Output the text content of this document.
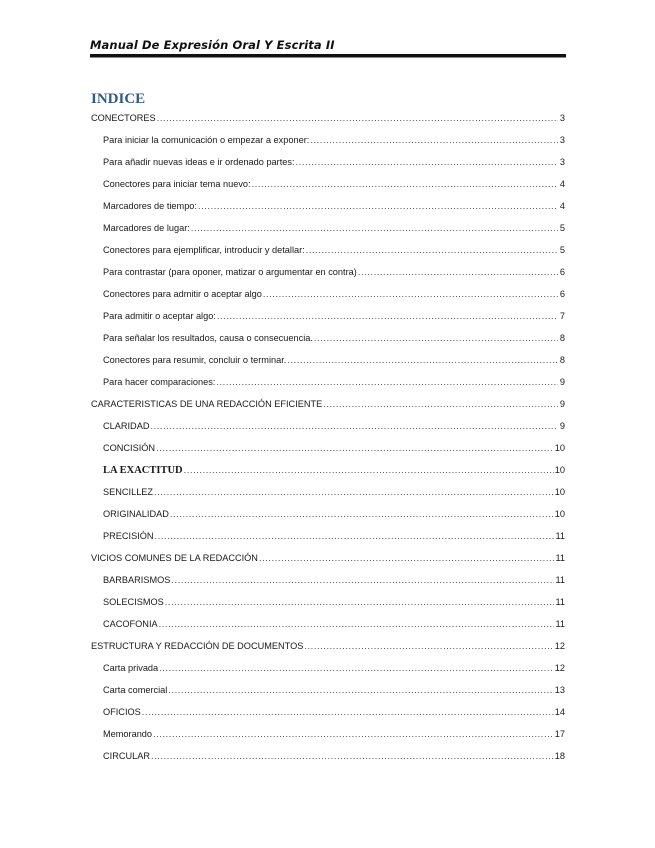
Manual De Expresión Oral Y Escrita II
INDICE
CONECTORES .....	3
Para iniciar la comunicación o empezar a exponer: .....	3
Para añadir nuevas ideas e ir ordenado partes: .....	3
Conectores para iniciar tema nuevo: .....	4
Marcadores de tiempo: .....	4
Marcadores de lugar: .....	5
Conectores para ejemplificar, introducir y detallar: .....	5
Para contrastar (para oponer, matizar o argumentar en contra) .....	6
Conectores para admitir o aceptar algo .....	6
Para admitir o aceptar algo: .....	7
Para señalar los resultados, causa o consecuencia. .....	8
Conectores para resumir, concluir o terminar. .....	8
Para hacer comparaciones: .....	9
CARACTERISTICAS DE UNA REDACCIÓN EFICIENTE .....	9
CLARIDAD .....	9
CONCISIÓN .....	10
LA EXACTITUD .....	10
SENCILLEZ .....	10
ORIGINALIDAD .....	10
PRECISIÓN .....	11
VICIOS COMUNES DE LA REDACCIÓN .....	11
BARBARISMOS .....	11
SOLECISMOS .....	11
CACOFONIA .....	11
ESTRUCTURA Y REDACCIÓN DE DOCUMENTOS .....	12
Carta privada .....	12
Carta comercial .....	13
OFICIOS .....	14
Memorando .....	17
CIRCULAR .....	18
